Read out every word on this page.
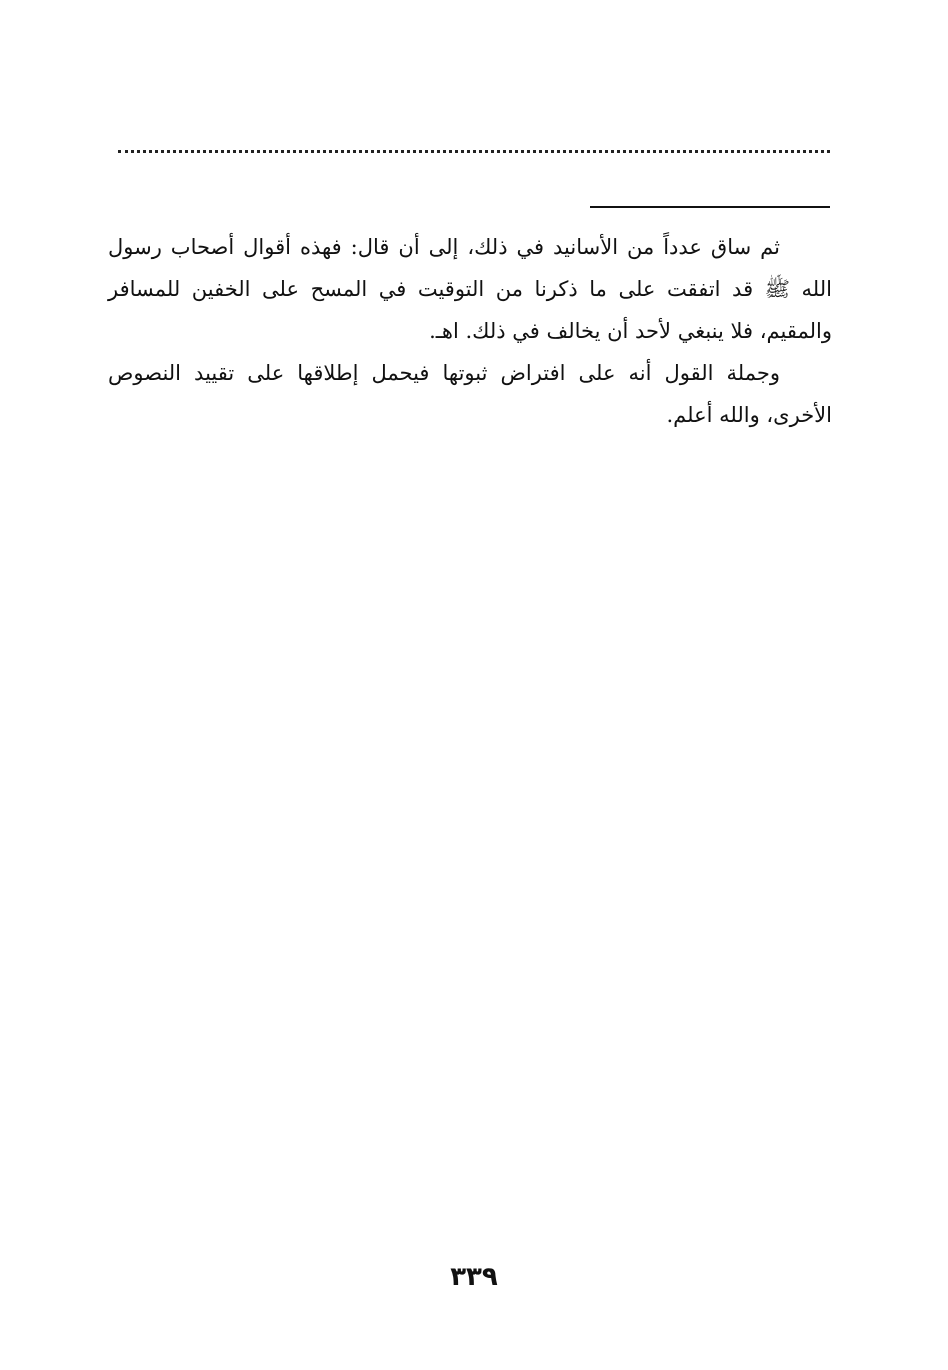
ثم ساق عدداً من الأسانيد في ذلك، إلى أن قال: فهذه أقوال أصحاب رسول الله ﷺ قد اتفقت على ما ذكرنا من التوقيت في المسح على الخفين للمسافر والمقيم، فلا ينبغي لأحد أن يخالف في ذلك. اهـ.

وجملة القول أنه على افتراض ثبوتها فيحمل إطلاقها على تقييد النصوص الأخرى، والله أعلم.

٣٣٩
